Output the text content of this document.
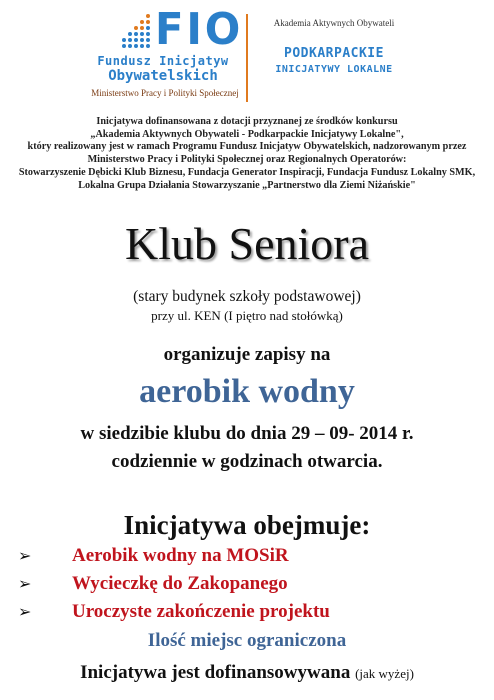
FIO
Fundusz Inicjatyw
Obywatelskich
Ministerstwo Pracy i Polityki Społecznej
Akademia Aktywnych Obywateli
PODKARPACKIE
INICJATYWY LOKALNE
Inicjatywa dofinansowana z dotacji przyznanej ze środków konkursu
„Akademia Aktywnych Obywateli - Podkarpackie Inicjatywy Lokalne",
który realizowany jest w ramach Programu Fundusz Inicjatyw Obywatelskich, nadzorowanym przez
Ministerstwo Pracy i Polityki Społecznej oraz Regionalnych Operatorów:
Stowarzyszenie Dębicki Klub Biznesu, Fundacja Generator Inspiracji, Fundacja Fundusz Lokalny SMK,
Lokalna Grupa Działania Stowarzyszanie „Partnerstwo dla Ziemi Niżańskie"
Klub Seniora
(stary budynek szkoły podstawowej)
przy ul. KEN (I piętro nad stołówką)
organizuje zapisy na
aerobik wodny
w siedzibie klubu do dnia 29 – 09- 2014 r.
codziennie w godzinach otwarcia.
Inicjatywa obejmuje:
➢	Aerobik wodny na MOSiR
➢	Wycieczkę do Zakopanego
➢	Uroczyste zakończenie projektu
Ilość miejsc ograniczona
Inicjatywa jest dofinansowywana (jak wyżej)
